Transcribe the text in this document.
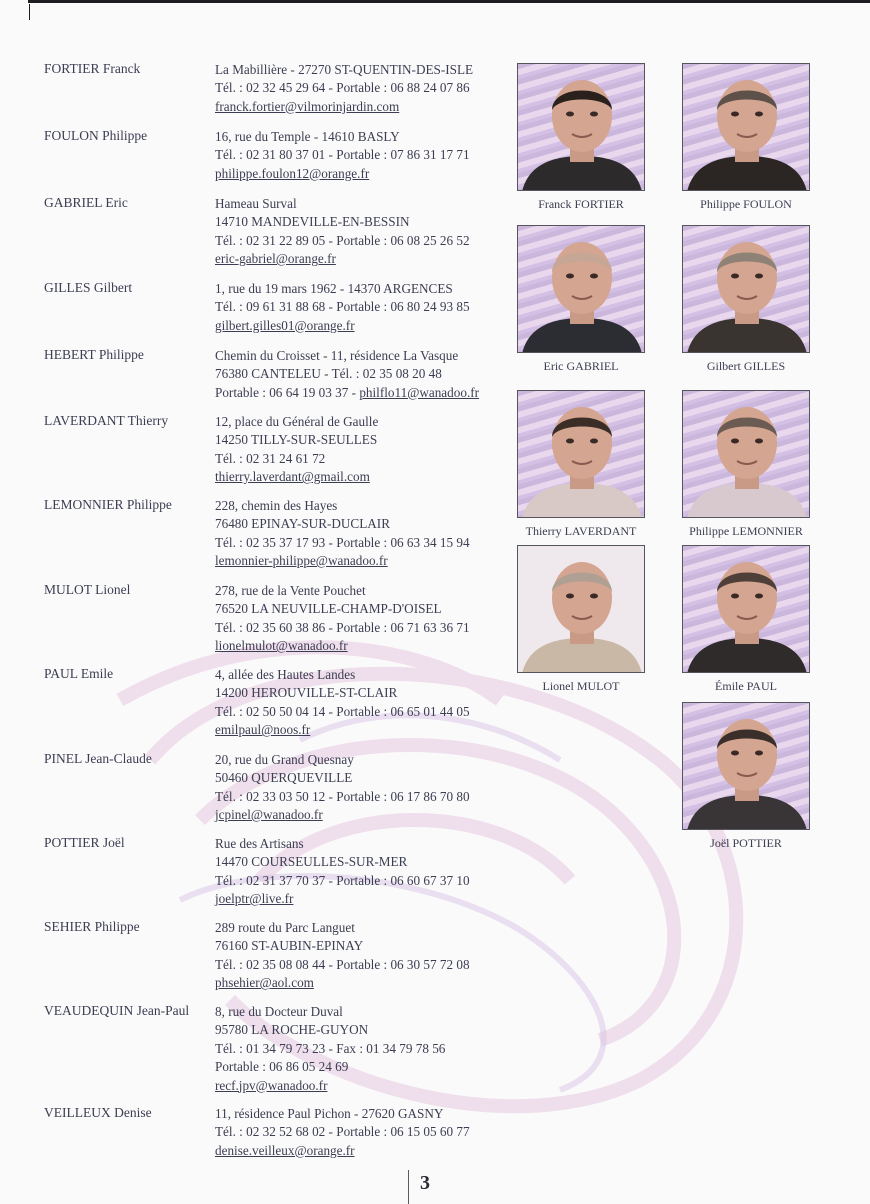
FORTIER Franck	La Mabillière - 27270 ST-QUENTIN-DES-ISLE
Tél. : 02 32 45 29 64 - Portable : 06 88 24 07 86
franck.fortier@vilmorinjardin.com
FOULON Philippe	16, rue du Temple - 14610 BASLY
Tél. : 02 31 80 37 01 - Portable : 07 86 31 17 71
philippe.foulon12@orange.fr
GABRIEL Eric	Hameau Surval
14710 MANDEVILLE-EN-BESSIN
Tél. : 02 31 22 89 05 - Portable : 06 08 25 26 52
eric-gabriel@orange.fr
GILLES Gilbert	1, rue du 19 mars 1962 - 14370 ARGENCES
Tél. : 09 61 31 88 68 - Portable : 06 80 24 93 85
gilbert.gilles01@orange.fr
HEBERT Philippe	Chemin du Croisset - 11, résidence La Vasque
76380 CANTELEU - Tél. : 02 35 08 20 48
Portable : 06 64 19 03 37 - philflo11@wanadoo.fr
LAVERDANT Thierry	12, place du Général de Gaulle
14250 TILLY-SUR-SEULLES
Tél. : 02 31 24 61 72
thierry.laverdant@gmail.com
LEMONNIER Philippe	228, chemin des Hayes
76480 EPINAY-SUR-DUCLAIR
Tél. : 02 35 37 17 93 - Portable : 06 63 34 15 94
lemonnier-philippe@wanadoo.fr
MULOT Lionel	278, rue de la Vente Pouchet
76520 LA NEUVILLE-CHAMP-D'OISEL
Tél. : 02 35 60 38 86 - Portable : 06 71 63 36 71
lionelmulot@wanadoo.fr
PAUL Emile	4, allée des Hautes Landes
14200 HEROUVILLE-ST-CLAIR
Tél. : 02 50 50 04 14 - Portable : 06 65 01 44 05
emilpaul@noos.fr
PINEL Jean-Claude	20, rue du Grand Quesnay
50460 QUERQUEVILLE
Tél. : 02 33 03 50 12 - Portable : 06 17 86 70 80
jcpinel@wanadoo.fr
POTTIER Joël	Rue des Artisans
14470 COURSEULLES-SUR-MER
Tél. : 02 31 37 70 37 - Portable : 06 60 67 37 10
joelptr@live.fr
SEHIER Philippe	289 route du Parc Languet
76160 ST-AUBIN-EPINAY
Tél. : 02 35 08 08 44 - Portable : 06 30 57 72 08
phsehier@aol.com
VEAUDEQUIN Jean-Paul 8, rue du Docteur Duval
95780 LA ROCHE-GUYON
Tél. : 01 34 79 73 23 - Fax : 01 34 79 78 56
Portable : 06 86 05 24 69
recf.jpv@wanadoo.fr
VEILLEUX Denise	11, résidence Paul Pichon - 27620 GASNY
Tél. : 02 32 52 68 02 - Portable : 06 15 05 60 77
denise.veilleux@orange.fr
Franck FORTIER	Philippe FOULON
Eric GABRIEL	Gilbert GILLES
Thierry LAVERDANT	Philippe LEMONNIER
Lionel MULOT	Émile PAUL
Joël POTTIER
3
